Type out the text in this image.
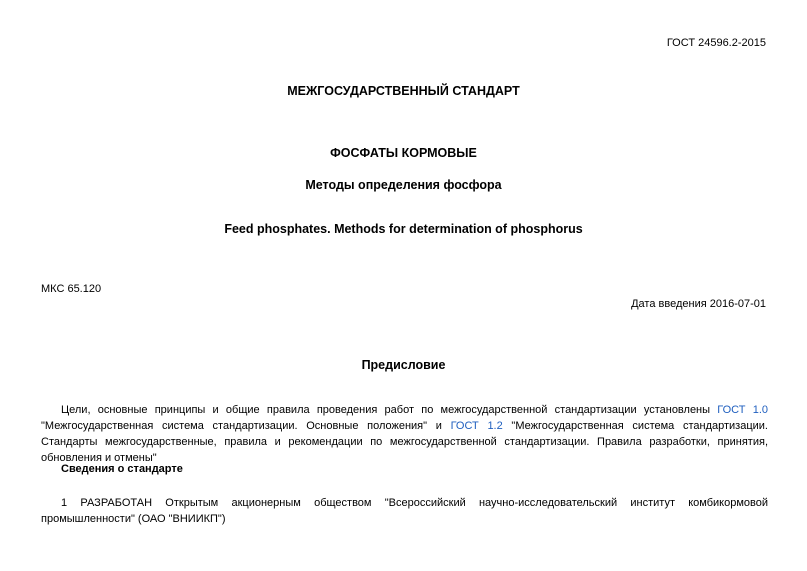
ГОСТ 24596.2-2015
МЕЖГОСУДАРСТВЕННЫЙ СТАНДАРТ
ФОСФАТЫ КОРМОВЫЕ
Методы определения фосфора
Feed phosphates. Methods for determination of phosphorus
МКС 65.120
Дата введения 2016-07-01
Предисловие
Цели, основные принципы и общие правила проведения работ по межгосударственной стандартизации установлены ГОСТ 1.0 "Межгосударственная система стандартизации. Основные положения" и ГОСТ 1.2 "Межгосударственная система стандартизации. Стандарты межгосударственные, правила и рекомендации по межгосударственной стандартизации. Правила разработки, принятия, обновления и отмены"
Сведения о стандарте
1 РАЗРАБОТАН Открытым акционерным обществом "Всероссийский научно-исследовательский институт комбикормовой промышленности" (ОАО "ВНИИКП")
